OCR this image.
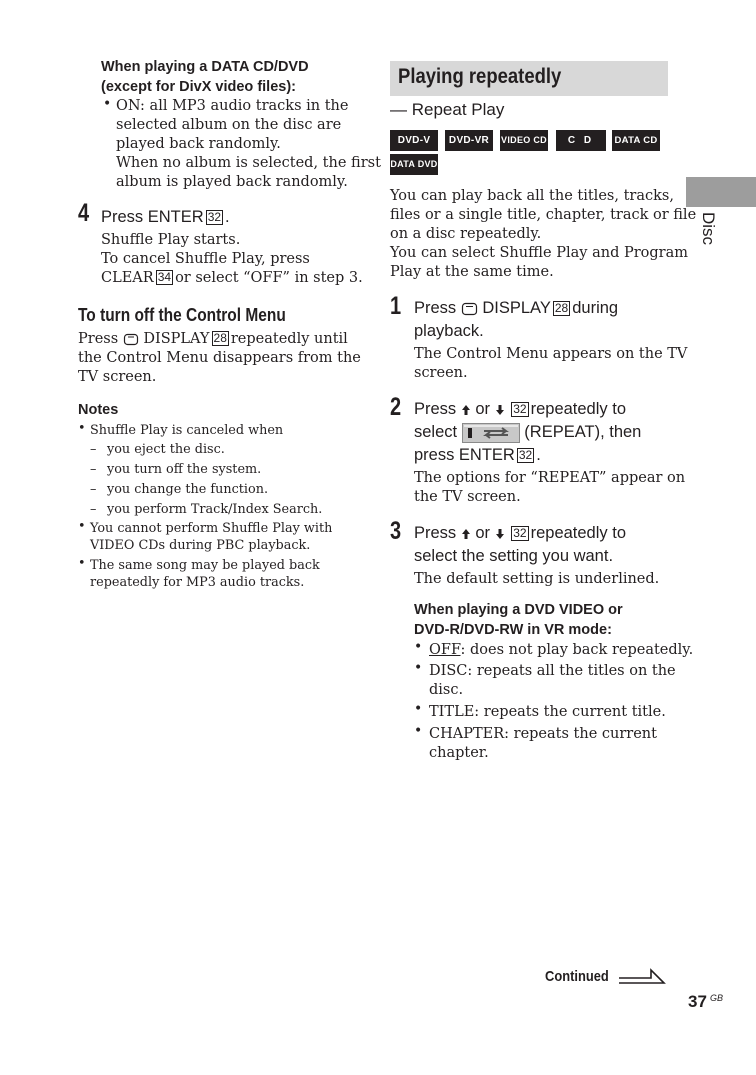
When playing a DATA CD/DVD
(except for DivX video files):
• ON: all MP3 audio tracks in the
selected album on the disc are
played back randomly.
When no album is selected, the first
album is played back randomly.
4 Press ENTER 32 .
Shuffle Play starts.
To cancel Shuffle Play, press
CLEAR 34 or select “OFF” in step 3.
To turn off the Control Menu
Press DISPLAY 28 repeatedly until
the Control Menu disappears from the
TV screen.
Notes
• Shuffle Play is canceled when
– you eject the disc.
– you turn off the system.
– you change the function.
– you perform Track/Index Search.
• You cannot perform Shuffle Play with
VIDEO CDs during PBC playback.
• The same song may be played back
repeatedly for MP3 audio tracks.
Playing repeatedly
— Repeat Play
DVD-V	DVD-VR	VIDEO CD	C D	DATA CD
DATA DVD
You can play back all the titles, tracks,
files or a single title, chapter, track or file
on a disc repeatedly.
You can select Shuffle Play and Program
Play at the same time.
1 Press DISPLAY 28 during
playback.
The Control Menu appears on the TV
screen.
2 Press or 32 repeatedly to
select	(REPEAT), then
press ENTER 32 .
The options for “REPEAT” appear on
the TV screen.
3 Press or 32 repeatedly to
select the setting you want.
The default setting is underlined.
When playing a DVD VIDEO or
DVD-R/DVD-RW in VR mode:
• OFF: does not play back repeatedly.
• DISC: repeats all the titles on the
disc.
• TITLE: repeats the current title.
• CHAPTER: repeats the current
chapter.
Disc
Continued
37 GB
